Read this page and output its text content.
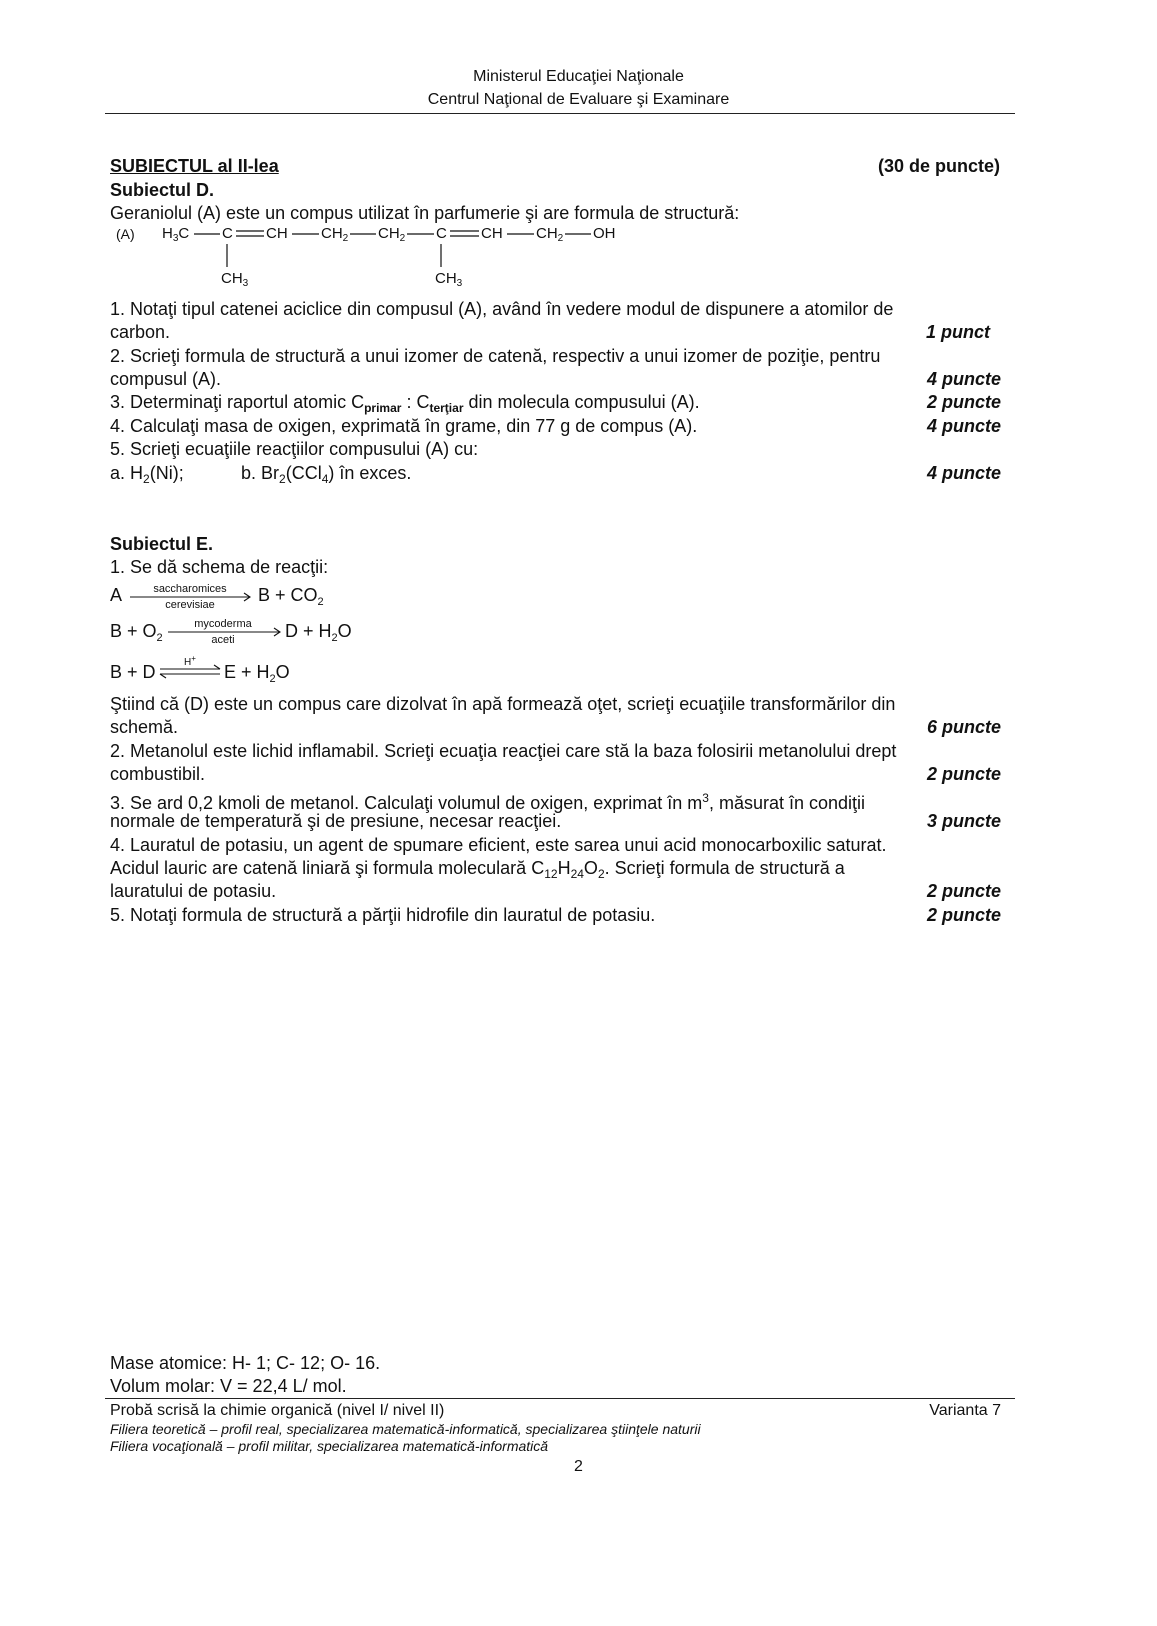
Ministerul Educaţiei Naţionale
Centrul Naţional de Evaluare şi Examinare
SUBIECTUL al II-lea	(30 de puncte)
Subiectul D.
Geraniolul (A) este un compus utilizat în parfumerie şi are formula de structură:
(A) $H_3C$ C CH $CH_2$ $CH_2$ C CH $CH_2$ OH
$CH_3$	$CH_3$
1. Notaţi tipul catenei aciclice din compusul (A), având în vedere modul de dispunere a atomilor de
carbon.	1 punct
2. Scrieţi formula de structură a unui izomer de catenă, respectiv a unui izomer de poziţie, pentru
compusul (A).	4 puncte
3. Determinaţi raportul atomic $C_{primar}$ : $C_{terţiar}$ din molecula compusului (A).	2 puncte
4. Calculaţi masa de oxigen, exprimată în grame, din 77 g de compus (A).	4 puncte
5. Scrieţi ecuaţiile reacţiilor compusului (A) cu:
a. $H_2(Ni)$;	b. $Br_2(CCl_4)$ în exces.	4 puncte
Subiectul E.
1. Se dă schema de reacţii:
A	saccharomices
cerevisiae	$B + CO_2$
$B + O_2$
mycoderma
aceti	$D + H_2O$
B + D	H+
$E + H_2O$
Ştiind că (D) este un compus care dizolvat în apă formează oţet, scrieţi ecuaţiile transformărilor din
schemă.	6 puncte
2. Metanolul este lichid inflamabil. Scrieţi ecuaţia reacţiei care stă la baza folosirii metanolului drept
combustibil.	2 puncte
3. Se ard 0,2 kmoli de metanol. Calculaţi volumul de oxigen, exprimat în $m^3$, măsurat în condiţii
normale de temperatură şi de presiune, necesar reacţiei.	3 puncte
4. Lauratul de potasiu, un agent de spumare eficient, este sarea unui acid monocarboxilic saturat.
Acidul lauric are catenă liniară şi formula moleculară $C_{12}H_{24}O_2$. Scrieţi formula de structură a
lauratului de potasiu.	2 puncte
5. Notaţi formula de structură a părţii hidrofile din lauratul de potasiu.	2 puncte
Mase atomice: H- 1; C- 12; O- 16.
Volum molar: V = 22,4 L/ mol.
Probă scrisă la chimie organică (nivel I/ nivel II)	Varianta 7
Filiera teoretică – profil real, specializarea matematică-informatică, specializarea ştiinţele naturii
Filiera vocaţională – profil militar, specializarea matematică-informatică
2
